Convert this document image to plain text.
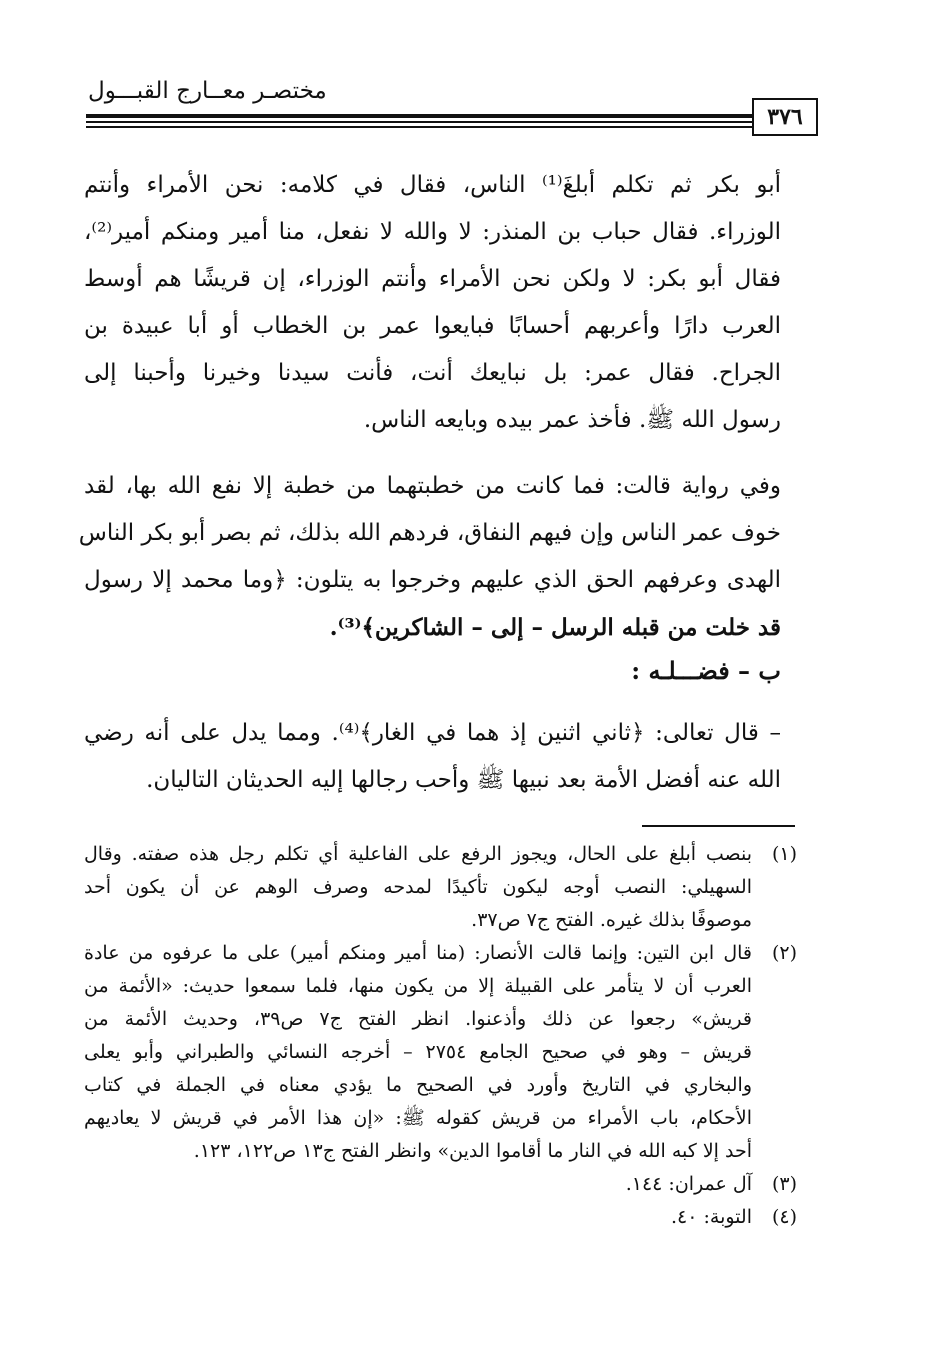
مختصـر معــارج القبـــول
٣٧٦
أبو بكر ثم تكلم أبلغَ⁽¹⁾ الناس، فقال في كلامه: نحن الأمراء وأنتم
الوزراء. فقال حباب بن المنذر: لا والله لا نفعل، منا أمير ومنكم أمير⁽²⁾،
فقال أبو بكر: لا ولكن نحن الأمراء وأنتم الوزراء، إن قريشًا هم أوسط
العرب دارًا وأعربهم أحسابًا فبايعوا عمر بن الخطاب أو أبا عبيدة بن
الجراح. فقال عمر: بل نبايعك أنت، فأنت سيدنا وخيرنا وأحبنا إلى
رسول الله ﷺ. فأخذ عمر بيده وبايعه الناس.
وفي رواية قالت: فما كانت من خطبتهما من خطبة إلا نفع الله بها، لقد
خوف عمر الناس وإن فيهم النفاق، فردهم الله بذلك، ثم بصر أبو بكر الناس
الهدى وعرفهم الحق الذي عليهم وخرجوا به يتلون: ﴿وما محمد إلا رسول
قد خلت من قبله الرسل – إلى – الشاكرين﴾⁽³⁾.
ب – فضـــلـه :
– قال تعالى: ﴿ثاني اثنين إذ هما في الغار﴾⁽⁴⁾. ومما يدل على أنه رضي
الله عنه أفضل الأمة بعد نبيها ﷺ وأحب رجالها إليه الحديثان التاليان.
(١)
بنصب أبلغ على الحال، ويجوز الرفع على الفاعلية أي تكلم رجل هذه صفته. وقال
السهيلي: النصب أوجه ليكون تأكيدًا لمدحه وصرف الوهم عن أن يكون أحد
موصوفًا بذلك غيره. الفتح ج٧ ص٣٧.
(٢)
قال ابن التين: وإنما قالت الأنصار: (منا أمير ومنكم أمير) على ما عرفوه من عادة
العرب أن لا يتأمر على القبيلة إلا من يكون منها، فلما سمعوا حديث: «الأئمة من
قريش» رجعوا عن ذلك وأذعنوا. انظر الفتح ج٧ ص٣٩، وحديث الأئمة من
قريش – وهو في صحيح الجامع ٢٧٥٤ – أخرجه النسائي والطبراني وأبو يعلى
والبخاري في التاريخ وأورد في الصحيح ما يؤدي معناه في الجملة في كتاب
الأحكام، باب الأمراء من قريش كقوله ﷺ: «إن هذا الأمر في قريش لا يعاديهم
أحد إلا كبه الله في النار ما أقاموا الدين» وانظر الفتح ج١٣ ص١٢٢، ١٢٣.
(٣)
آل عمران: ١٤٤.
(٤)
التوبة: ٤٠.
